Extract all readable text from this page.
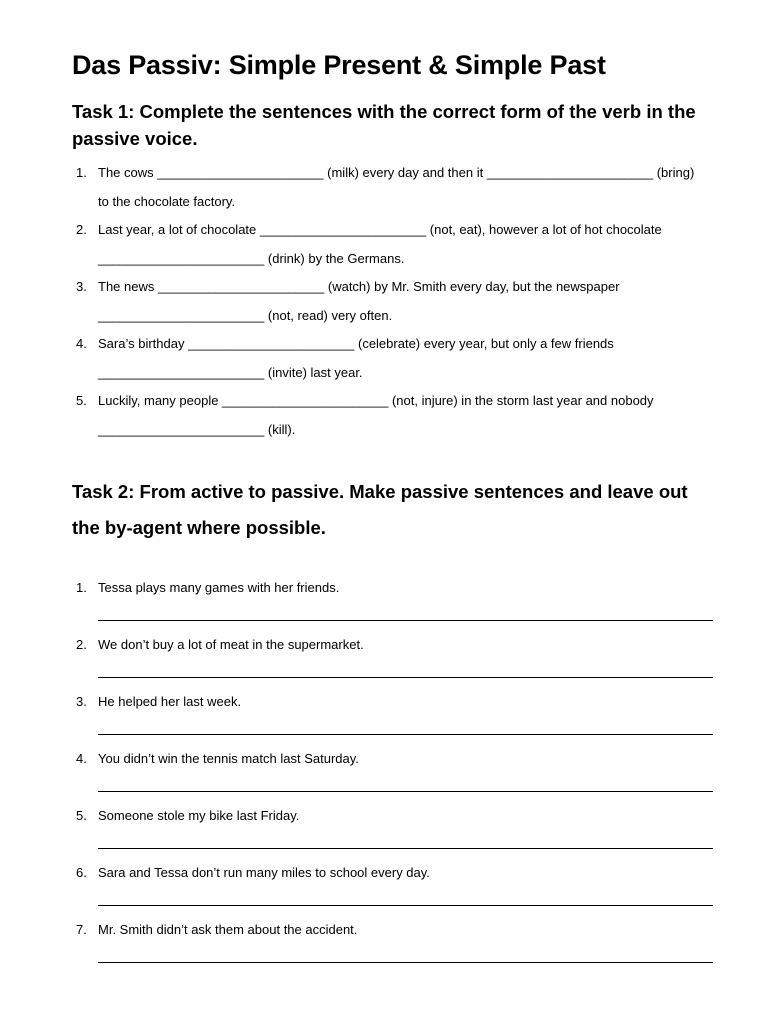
Das Passiv: Simple Present & Simple Past
Task 1: Complete the sentences with the correct form of the verb in the passive voice.
1. The cows _______________________ (milk) every day and then it _______________________ (bring)
to the chocolate factory.
2. Last year, a lot of chocolate _______________________ (not, eat), however a lot of hot chocolate
_______________________ (drink) by the Germans.
3. The news _______________________ (watch) by Mr. Smith every day, but the newspaper
_______________________ (not, read) very often.
4. Sara’s birthday _______________________ (celebrate) every year, but only a few friends
_______________________ (invite) last year.
5. Luckily, many people _______________________ (not, injure) in the storm last year and nobody
_______________________ (kill).
Task 2: From active to passive. Make passive sentences and leave out the by-agent where possible.
1. Tessa plays many games with her friends.
2. We don’t buy a lot of meat in the supermarket.
3. He helped her last week.
4. You didn’t win the tennis match last Saturday.
5. Someone stole my bike last Friday.
6. Sara and Tessa don’t run many miles to school every day.
7. Mr. Smith didn’t ask them about the accident.
